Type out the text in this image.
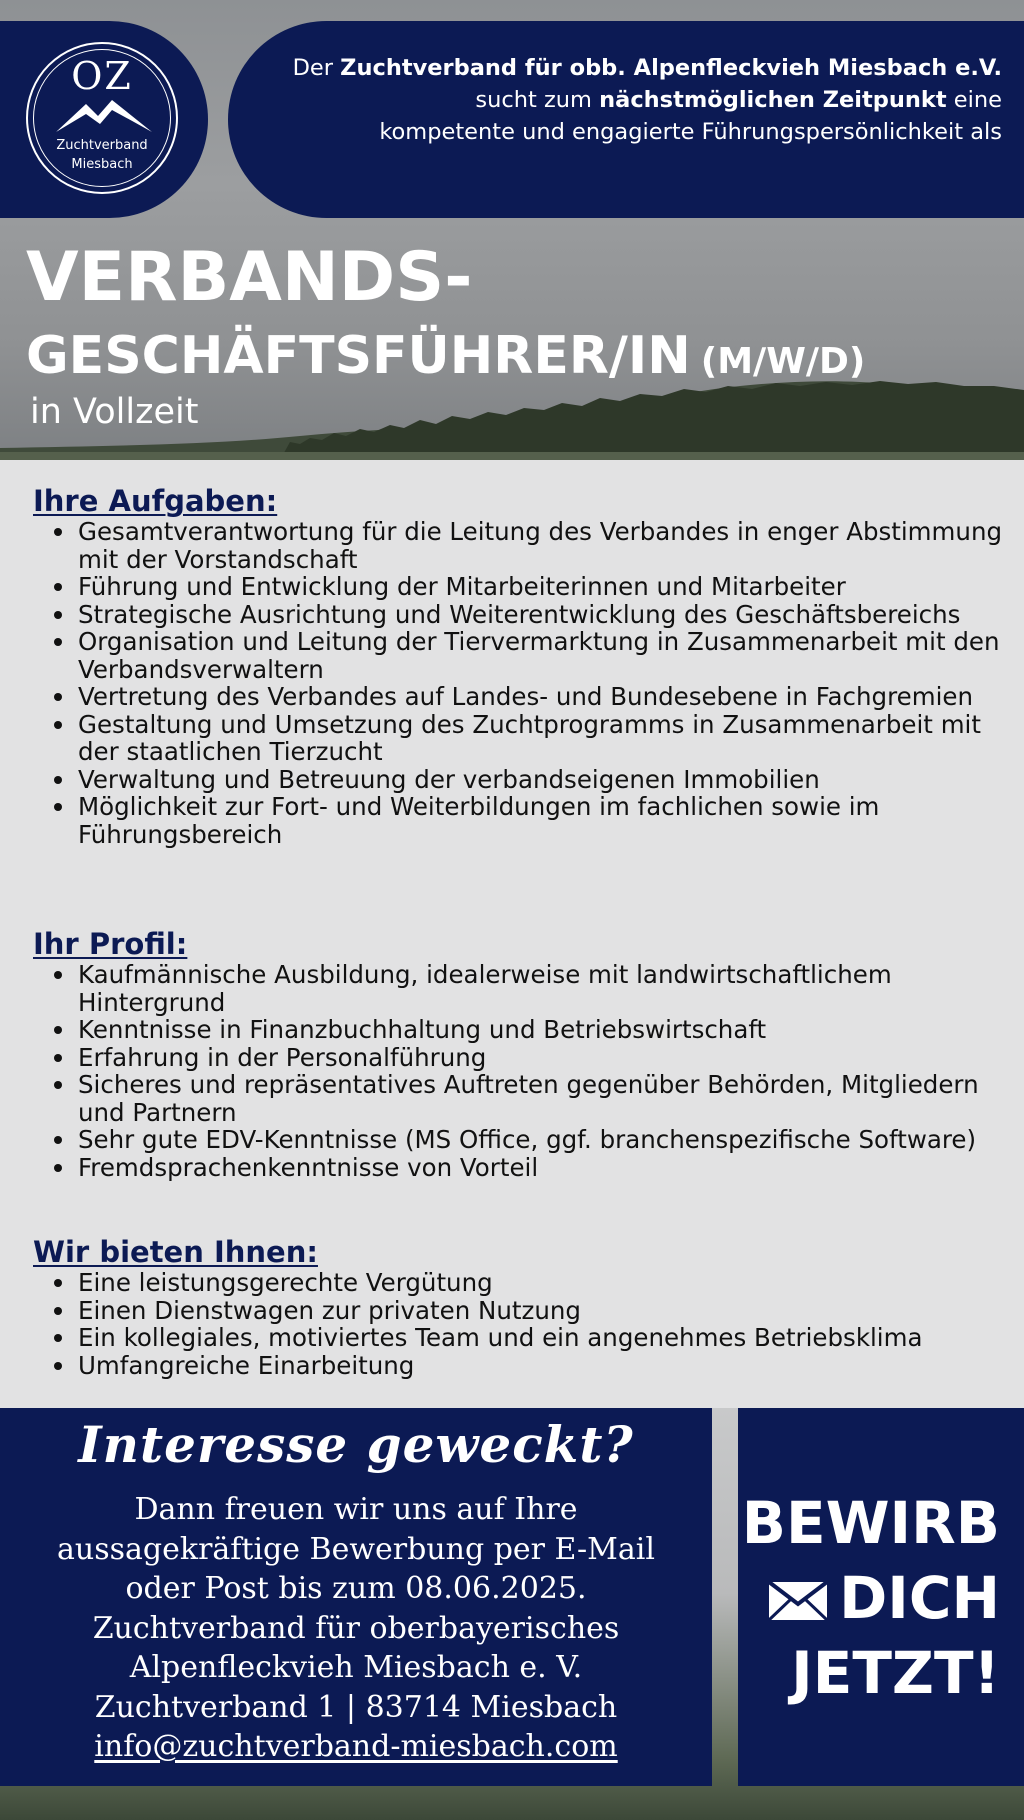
OZ
Zuchtverband
Miesbach
Der Zuchtverband für obb. Alpenfleckvieh Miesbach e.V.
sucht zum nächstmöglichen Zeitpunkt eine
kompetente und engagierte Führungspersönlichkeit als
VERBANDS-
GESCHÄFTSFÜHRER/IN (M/W/D)
in Vollzeit
Ihre Aufgaben:
Gesamtverantwortung für die Leitung des Verbandes in enger Abstimmung mit der Vorstandschaft
Führung und Entwicklung der Mitarbeiterinnen und Mitarbeiter
Strategische Ausrichtung und Weiterentwicklung des Geschäftsbereichs
Organisation und Leitung der Tiervermarktung in Zusammenarbeit mit den Verbandsverwaltern
Vertretung des Verbandes auf Landes- und Bundesebene in Fachgremien
Gestaltung und Umsetzung des Zuchtprogramms in Zusammenarbeit mit der staatlichen Tierzucht
Verwaltung und Betreuung der verbandseigenen Immobilien
Möglichkeit zur Fort- und Weiterbildungen im fachlichen sowie im Führungsbereich
Ihr Profil:
Kaufmännische Ausbildung, idealerweise mit landwirtschaftlichem Hintergrund
Kenntnisse in Finanzbuchhaltung und Betriebswirtschaft
Erfahrung in der Personalführung
Sicheres und repräsentatives Auftreten gegenüber Behörden, Mitgliedern und Partnern
Sehr gute EDV-Kenntnisse (MS Office, ggf. branchenspezifische Software)
Fremdsprachenkenntnisse von Vorteil
Wir bieten Ihnen:
Eine leistungsgerechte Vergütung
Einen Dienstwagen zur privaten Nutzung
Ein kollegiales, motiviertes Team und ein angenehmes Betriebsklima
Umfangreiche Einarbeitung
Interesse geweckt?
Dann freuen wir uns auf Ihre
aussagekräftige Bewerbung per E-Mail
oder Post bis zum 08.06.2025.
Zuchtverband für oberbayerisches
Alpenfleckvieh Miesbach e. V.
Zuchtverband 1 | 83714 Miesbach
info@zuchtverband-miesbach.com
BEWIRB
DICH
JETZT!
